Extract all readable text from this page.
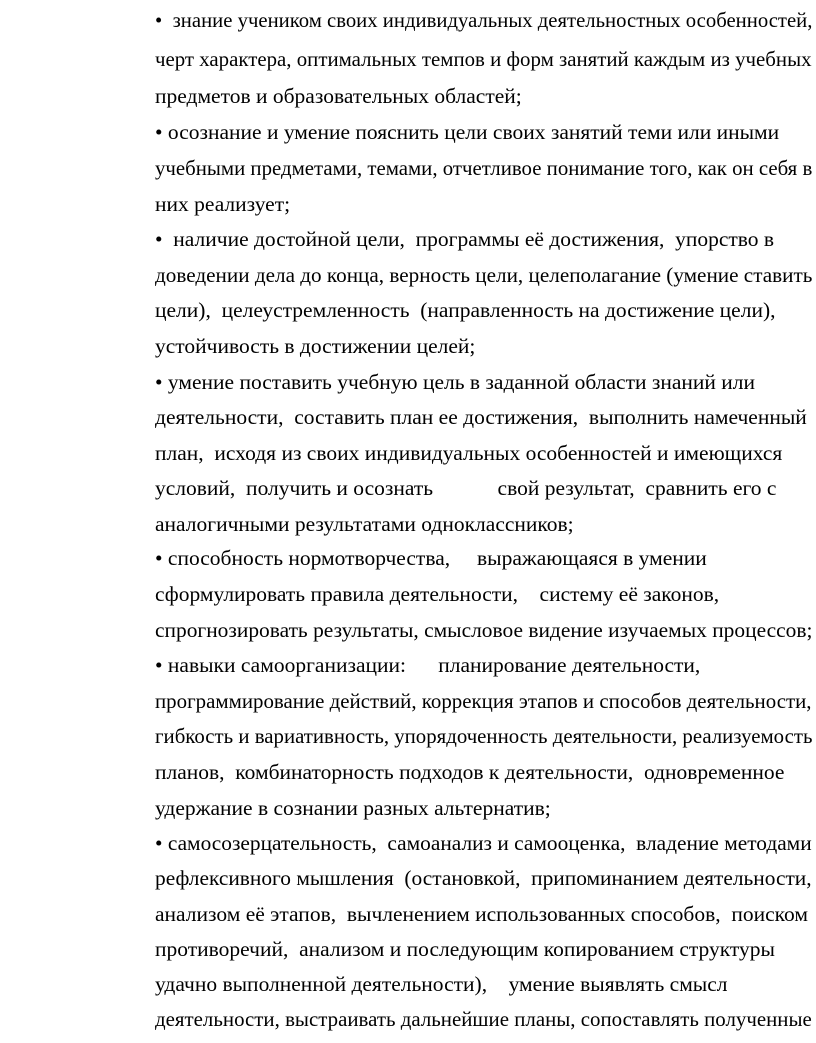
•  знание учеником своих индивидуальных деятельностных особенностей,
черт характера, оптимальных темпов и форм занятий каждым из учебных
предметов и образовательных областей;
• осознание и умение пояснить цели своих занятий теми или иными
учебными предметами, темами, отчетливое понимание того, как он себя в
них реализует;
•  наличие достойной цели,  программы её достижения,  упорство в
доведении дела до конца, верность цели, целеполагание (умение ставить
цели),  целеустремленность  (направленность на достижение цели),
устойчивость в достижении целей;
• умение поставить учебную цель в заданной области знаний или
деятельности,  составить план ее достижения,  выполнить намеченный
план,  исходя из своих индивидуальных особенностей и имеющихся
условий,  получить и осознать            свой результат,  сравнить его с
аналогичными результатами одноклассников;
• способность нормотворчества,     выражающаяся в умении
сформулировать правила деятельности,    систему её законов,
спрогнозировать результаты, смысловое видение изучаемых процессов;
• навыки самоорганизации:      планирование деятельности,
программирование действий, коррекция этапов и способов деятельности,
гибкость и вариативность, упорядоченность деятельности, реализуемость
планов,  комбинаторность подходов к деятельности,  одновременное
удержание в сознании разных альтернатив;
• самосозерцательность,  самоанализ и самооценка,  владение методами
рефлексивного мышления  (остановкой,  припоминанием деятельности,
анализом её этапов,  вычленением использованных способов,  поиском
противоречий,  анализом и последующим копированием структуры
удачно выполненной деятельности),    умение выявлять смысл
деятельности, выстраивать дальнейшие планы, сопоставлять полученные
